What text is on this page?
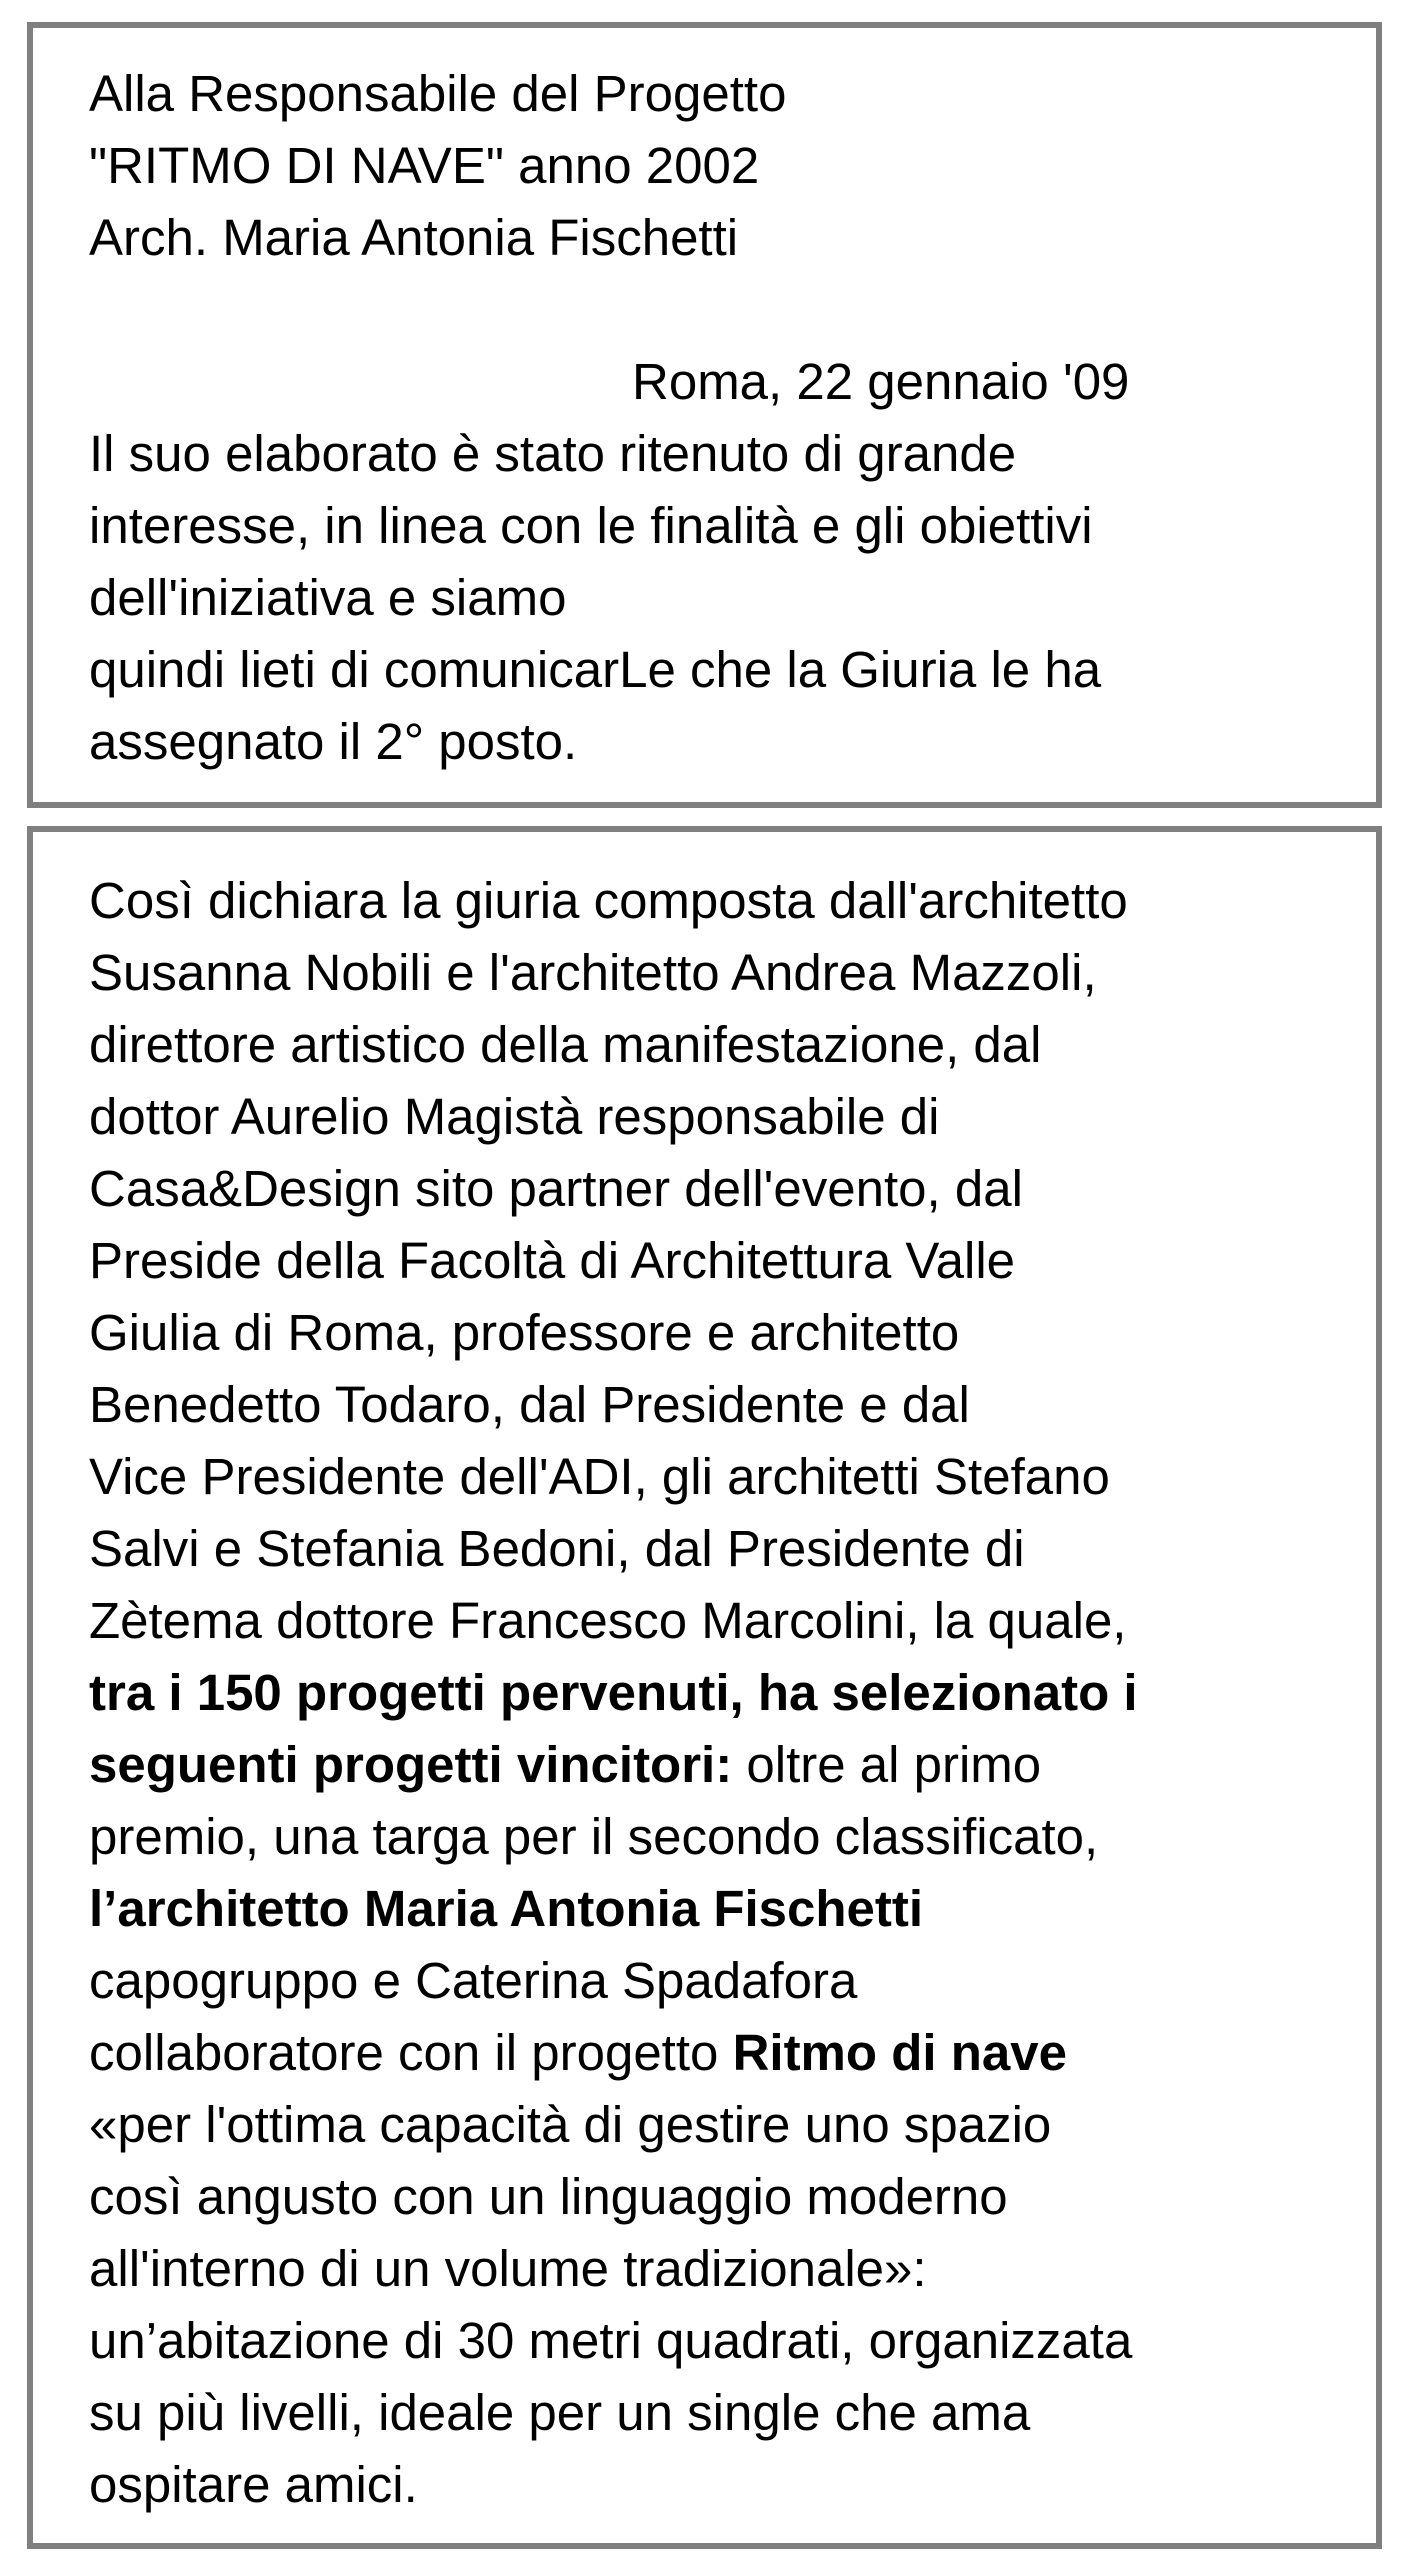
Alla Responsabile del Progetto
"RITMO DI NAVE" anno 2002
Arch. Maria Antonia Fischetti
Roma, 22 gennaio '09
Il suo elaborato è stato ritenuto di grande
interesse, in linea con le finalità e gli obiettivi
dell'iniziativa e siamo
quindi lieti di comunicarLe che la Giuria le ha
assegnato il 2° posto.
Così dichiara la giuria composta dall'architetto
Susanna Nobili e l'architetto Andrea Mazzoli,
direttore artistico della manifestazione, dal
dottor Aurelio Magistà responsabile di
Casa&Design sito partner dell'evento, dal
Preside della Facoltà di Architettura Valle
Giulia di Roma, professore e architetto
Benedetto Todaro, dal Presidente e dal
Vice Presidente dell'ADI, gli architetti Stefano
Salvi e Stefania Bedoni, dal Presidente di
Zètema dottore Francesco Marcolini, la quale,
tra i 150 progetti pervenuti, ha selezionato i
seguenti progetti vincitori: oltre al primo
premio, una targa per il secondo classificato,
l’architetto Maria Antonia Fischetti
capogruppo e Caterina Spadafora
collaboratore con il progetto Ritmo di nave
«per l'ottima capacità di gestire uno spazio
così angusto con un linguaggio moderno
all'interno di un volume tradizionale»:
un’abitazione di 30 metri quadrati, organizzata
su più livelli, ideale per un single che ama
ospitare amici.
